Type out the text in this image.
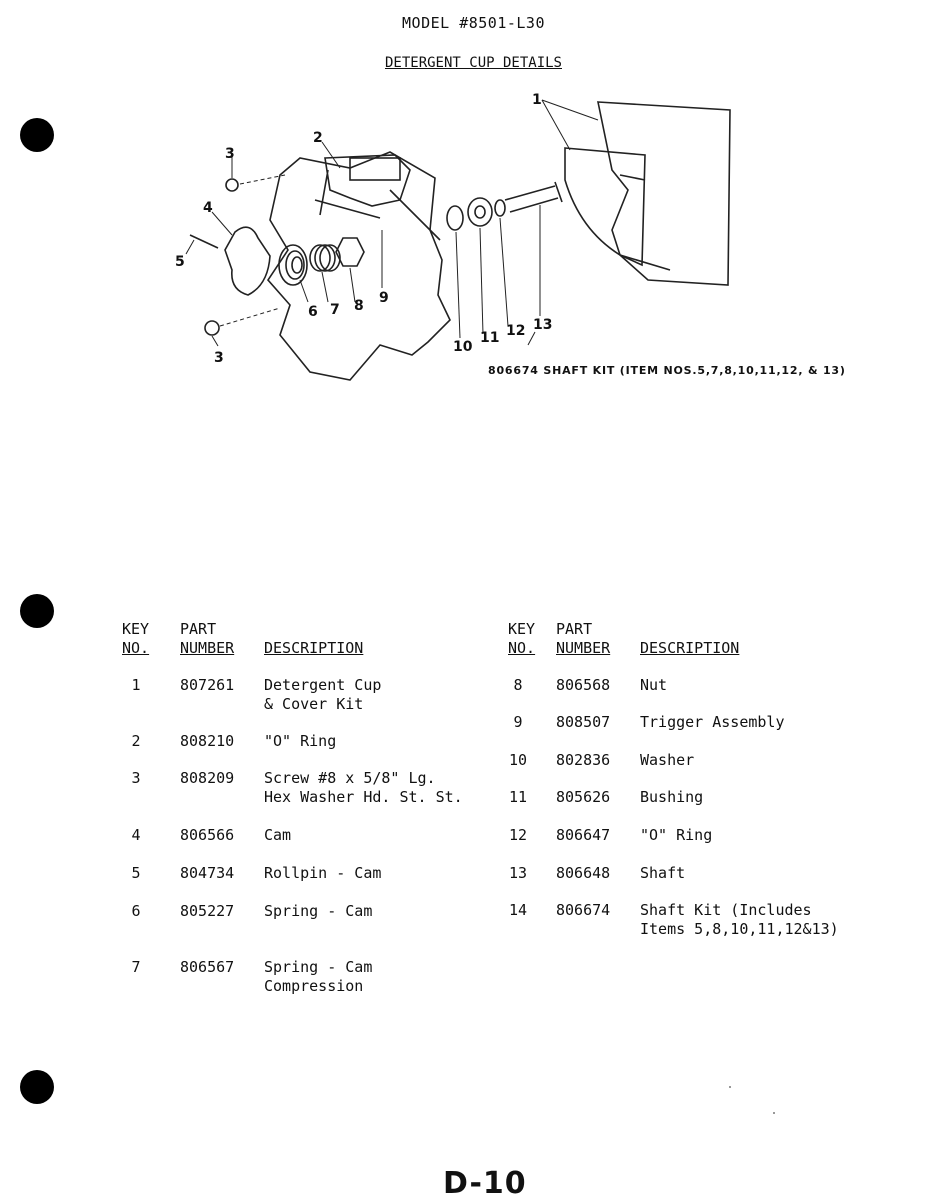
MODEL #8501-L30
DETERGENT CUP DETAILS
1
2
3
3
4
5
6 7 8 9
10
11 12 13
806674 SHAFT KIT (ITEM NOS.5,7,8,10,11,12, & 13)
KEY
NO.
PART
NUMBER DESCRIPTION
1	807261 Detergent Cup
& Cover Kit
2	808210 "O" Ring
3	808209 Screw #8 x 5/8" Lg.
Hex Washer Hd. St. St.
4	806566 Cam
5	804734 Rollpin - Cam
6	805227 Spring - Cam
7	806567 Spring - Cam
Compression
KEY
NO.
PART
NUMBER DESCRIPTION
8	806568 Nut
9	808507 Trigger Assembly
10	802836 Washer
11	805626 Bushing
12	806647 "O" Ring
13	806648 Shaft
14	806674 Shaft Kit (Includes
Items 5,8,10,11,12&13)
D-10
